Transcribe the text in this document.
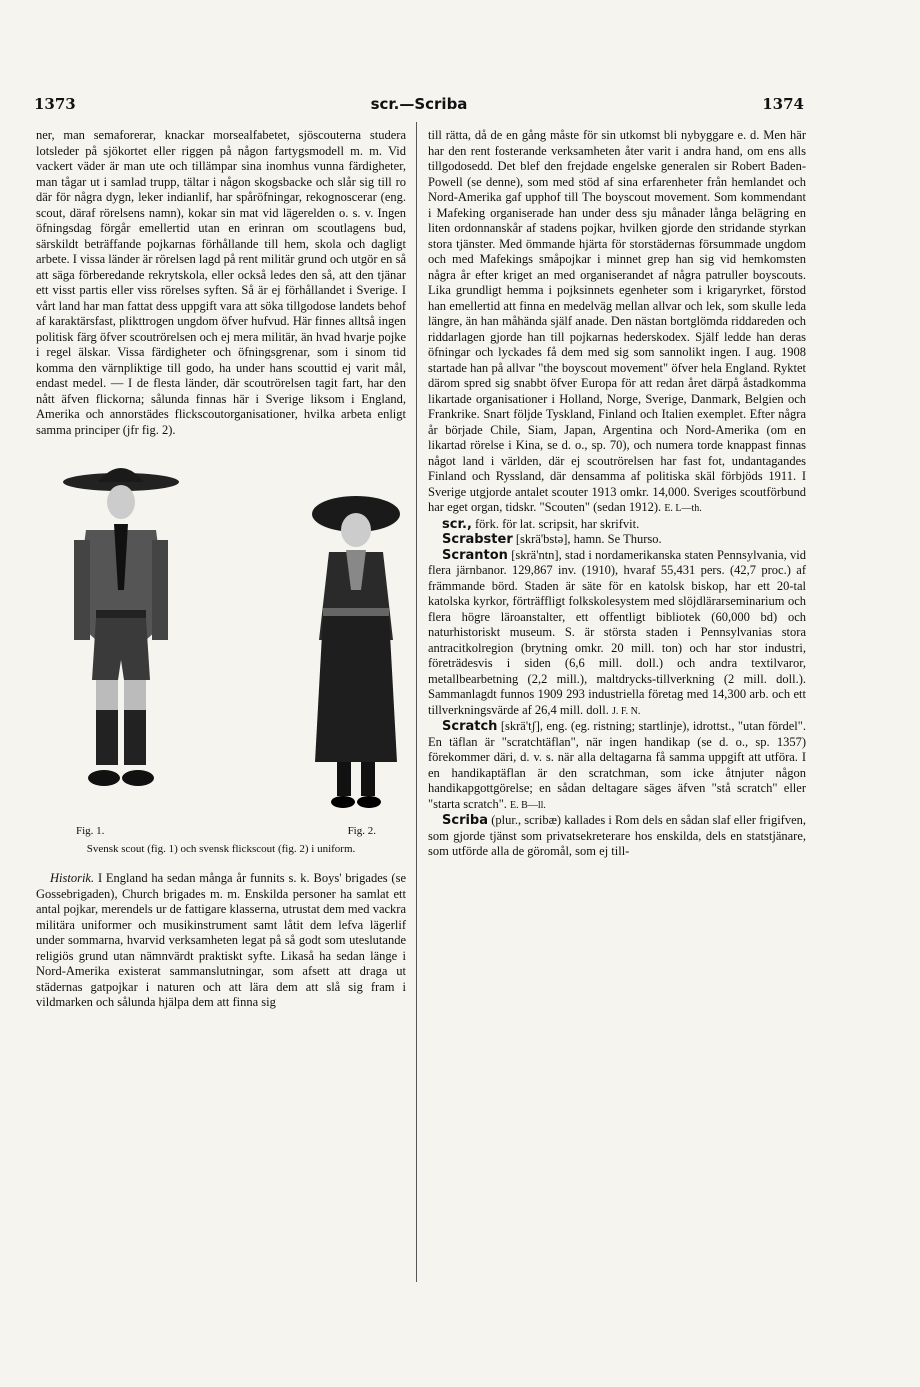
1373	scr.—Scriba	1374

ner, man semaforerar, knackar morsealfabetet, sjöscouterna studera lotsleder på sjökortet eller riggen på någon fartygsmodell m. m. Vid vackert väder är man ute och tillämpar sina inomhus vunna färdigheter, man tågar ut i samlad trupp, tältar i någon skogsbacke och slår sig till ro där för några dygn, leker indianlif, har spåröfningar, rekognoscerar (eng. scout, däraf rörelsens namn), kokar sin mat vid lägerelden o. s. v. Ingen öfningsdag förgår emellertid utan en erinran om scoutlagens bud, särskildt beträffande pojkarnas förhållande till hem, skola och dagligt arbete. I vissa länder är rörelsen lagd på rent militär grund och utgör en så att säga förberedande rekrytskola, eller också ledes den så, att den tjänar ett visst partis eller viss rörelses syften. Så är ej förhållandet i Sverige. I vårt land har man fattat dess uppgift vara att söka tillgodose landets behof af karaktärsfast, plikttrogen ungdom öfver hufvud. Här finnes alltså ingen politisk färg öfver scoutrörelsen och ej mera militär, än hvad hvarje pojke i regel älskar. Vissa färdigheter och öfningsgrenar, som i sinom tid komma den värnpliktige till godo, ha under hans scouttid ej varit mål, endast medel. — I de flesta länder, där scoutrörelsen tagit fart, har den nått äfven flickorna; sålunda finnas här i Sverige liksom i England, Amerika och annorstädes flickscoutorganisationer, hvilka arbeta enligt samma principer (jfr fig. 2).

Fig. 1.	Fig. 2.
Svensk scout (fig. 1) och svensk flickscout (fig. 2) i uniform.

Historik. I England ha sedan många år funnits s. k. Boys' brigades (se Gossebrigaden), Church brigades m. m. Enskilda personer ha samlat ett antal pojkar, merendels ur de fattigare klasserna, utrustat dem med vackra militära uniformer och musikinstrument samt låtit dem lefva lägerlif under sommarna, hvarvid verksamheten legat på så godt som uteslutande religiös grund utan nämnvärdt praktiskt syfte. Likaså ha sedan länge i Nord-Amerika existerat sammanslutningar, som afsett att draga ut städernas gatpojkar i naturen och att lära dem att slå sig fram i vildmarken och sålunda hjälpa dem att finna sig

till rätta, då de en gång måste för sin utkomst bli nybyggare e. d. Men här har den rent fosterande verksamheten åter varit i andra hand, om ens alls tillgodosedd. Det blef den frejdade engelske generalen sir Robert Baden-Powell (se denne), som med stöd af sina erfarenheter från hemlandet och Nord-Amerika gaf upphof till The boyscout movement. Som kommendant i Mafeking organiserade han under dess sju månader långa belägring en liten ordonnanskår af stadens pojkar, hvilken gjorde den stridande styrkan stora tjänster. Med ömmande hjärta för storstädernas försummade ungdom och med Mafekings småpojkar i minnet grep han sig vid hemkomsten några år efter kriget an med organiserandet af några patruller boyscouts. Lika grundligt hemma i pojksinnets egenheter som i krigaryrket, förstod han emellertid att finna en medelväg mellan allvar och lek, som skulle leda längre, än han måhända själf anade. Den nästan bortglömda riddareden och riddarlagen gjorde han till pojkarnas hederskodex. Själf ledde han deras öfningar och lyckades få dem med sig som sannolikt ingen. I aug. 1908 startade han på allvar "the boyscout movement" öfver hela England. Ryktet därom spred sig snabbt öfver Europa för att redan året därpå åstadkomma likartade organisationer i Holland, Norge, Sverige, Danmark, Belgien och Frankrike. Snart följde Tyskland, Finland och Italien exemplet. Efter några år började Chile, Siam, Japan, Argentina och Nord-Amerika (om en likartad rörelse i Kina, se d. o., sp. 70), och numera torde knappast finnas något land i världen, där ej scoutrörelsen har fast fot, undantagandes Finland och Ryssland, där densamma af politiska skäl förbjöds 1911. I Sverige utgjorde antalet scouter 1913 omkr. 14,000. Sveriges scoutförbund har eget organ, tidskr. "Scouten" (sedan 1912). E. L—th.

scr., förk. för lat. scripsit, har skrifvit.

Scrabster [skrä'bstə], hamn. Se Thurso.

Scranton [skrä'ntn], stad i nordamerikanska staten Pennsylvania, vid flera järnbanor. 129,867 inv. (1910), hvaraf 55,431 pers. (42,7 proc.) af främmande börd. Staden är säte för en katolsk biskop, har ett 20-tal katolska kyrkor, förträffligt folkskolesystem med slöjdlärarseminarium och flera högre läroanstalter, ett offentligt bibliotek (60,000 bd) och naturhistoriskt museum. S. är största staden i Pennsylvanias stora antracitkolregion (brytning omkr. 20 mill. ton) och har stor industri, företrädesvis i siden (6,6 mill. doll.) och andra textilvaror, metallbearbetning (2,2 mill.), maltdrycks-tillverkning (2 mill. doll.). Sammanlagdt funnos 1909 293 industriella företag med 14,300 arb. och ett tillverkningsvärde af 26,4 mill. doll. J. F. N.

Scratch [skrä'tʃ], eng. (eg. ristning; startlinje), idrottst., "utan fördel". En täflan är "scratchtäflan", när ingen handikap (se d. o., sp. 1357) förekommer däri, d. v. s. när alla deltagarna få samma uppgift att utföra. I en handikaptäflan är den scratchman, som icke åtnjuter någon handikapgottgörelse; en sådan deltagare säges äfven "stå scratch" eller "starta scratch". E. B—ll.

Scriba (plur., scribæ) kallades i Rom dels en sådan slaf eller frigifven, som gjorde tjänst som privatsekreterare hos enskilda, dels en statstjänare, som utförde alla de göromål, som ej till-
